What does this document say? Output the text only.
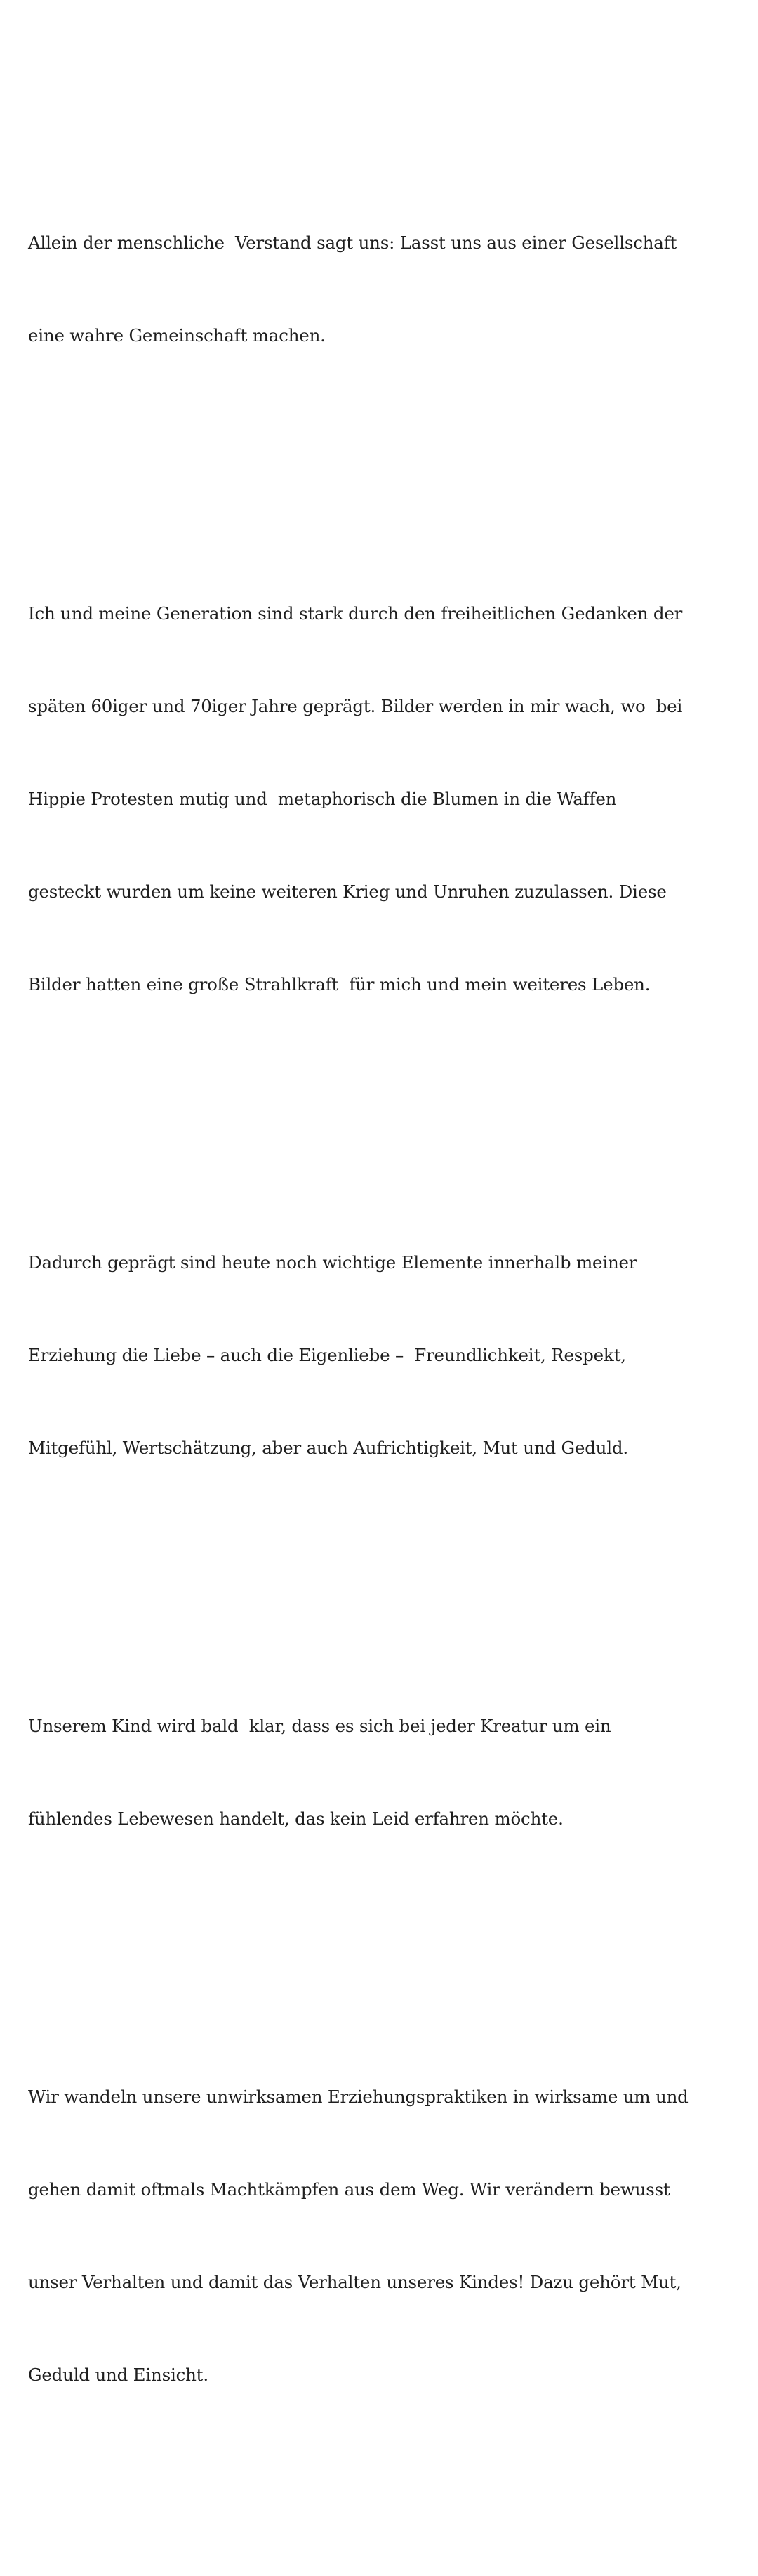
Allein der menschliche  Verstand sagt uns: Lasst uns aus einer Gesellschaft

eine wahre Gemeinschaft machen.

Ich und meine Generation sind stark durch den freiheitlichen Gedanken der

späten 60iger und 70iger Jahre geprägt. Bilder werden in mir wach, wo  bei

Hippie Protesten mutig und  metaphorisch die Blumen in die Waffen

gesteckt wurden um keine weiteren Krieg und Unruhen zuzulassen. Diese

Bilder hatten eine große Strahlkraft  für mich und mein weiteres Leben.

Dadurch geprägt sind heute noch wichtige Elemente innerhalb meiner

Erziehung die Liebe – auch die Eigenliebe –  Freundlichkeit, Respekt,

Mitgefühl, Wertschätzung, aber auch Aufrichtigkeit, Mut und Geduld.

Unserem Kind wird bald  klar, dass es sich bei jeder Kreatur um ein

fühlendes Lebewesen handelt, das kein Leid erfahren möchte.

Wir wandeln unsere unwirksamen Erziehungspraktiken in wirksame um und

gehen damit oftmals Machtkämpfen aus dem Weg. Wir verändern bewusst

unser Verhalten und damit das Verhalten unseres Kindes! Dazu gehört Mut,

Geduld und Einsicht.
